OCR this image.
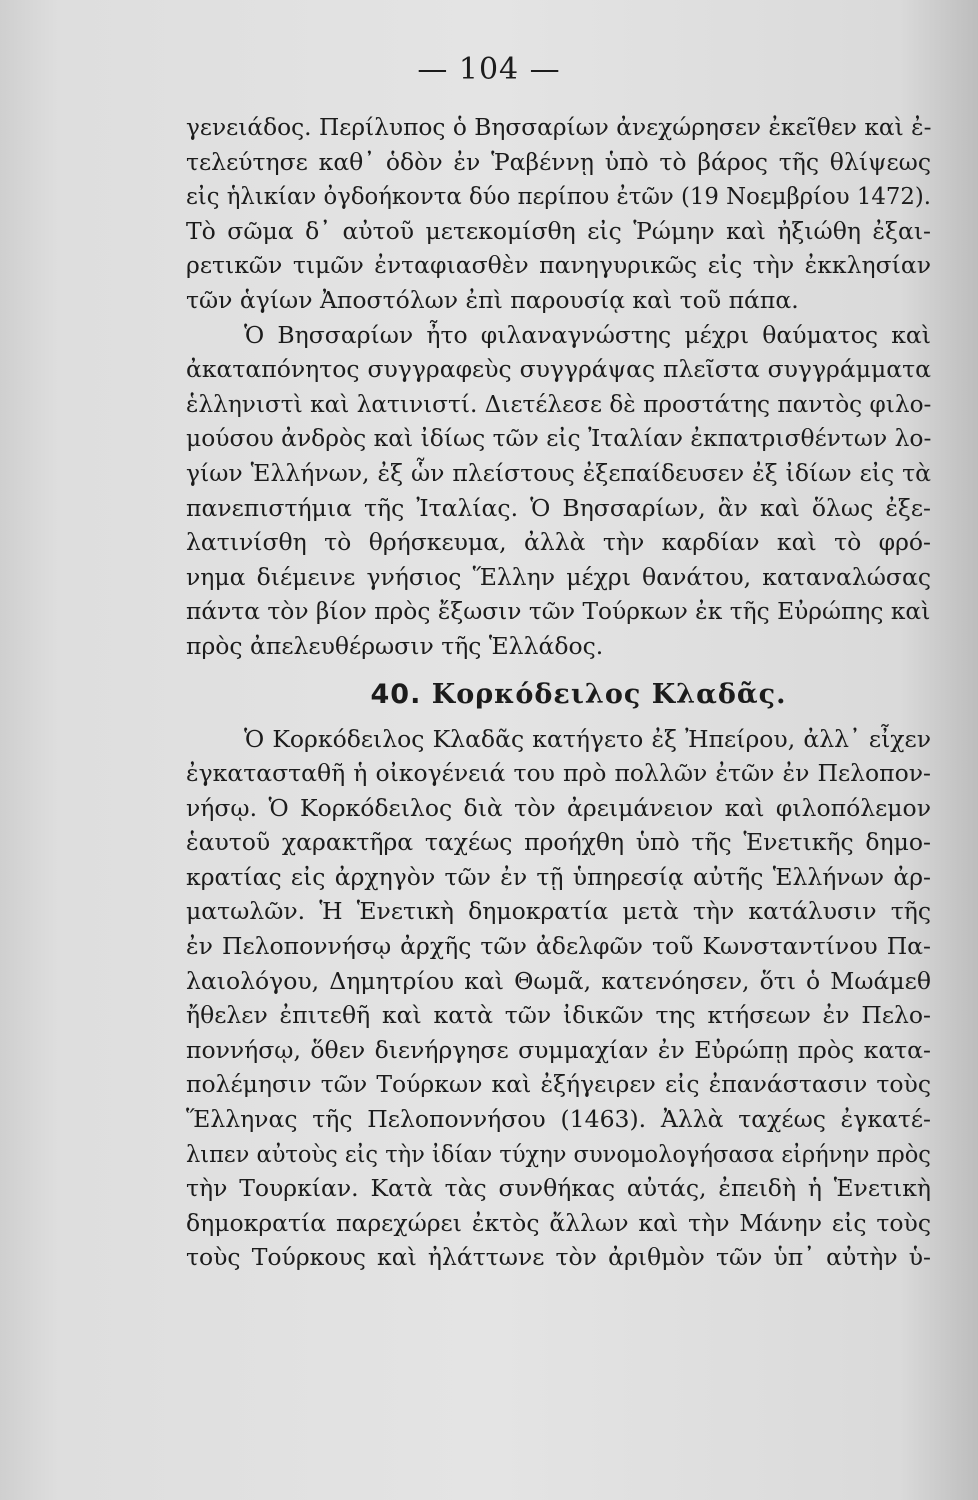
— 104 —
γενειάδος. Περίλυπος ὁ Βησσαρίων ἀνεχώρησεν ἐκεῖθεν καὶ ἐ-
τελεύτησε καθ᾿ ὁδὸν ἐν Ῥαβέννῃ ὑπὸ τὸ βάρος τῆς θλίψεως
εἰς ἡλικίαν ὀγδοήκοντα δύο περίπου ἐτῶν (19 Νοεμβρίου 1472).
Τὸ σῶμα δ᾿ αὐτοῦ μετεκομίσθη εἰς Ῥώμην καὶ ἠξιώθη ἐξαι-
ρετικῶν τιμῶν ἐνταφιασθὲν πανηγυρικῶς εἰς τὴν ἐκκλησίαν
τῶν ἁγίων Ἀποστόλων ἐπὶ παρουσίᾳ καὶ τοῦ πάπα.
Ὁ Βησσαρίων ἦτο φιλαναγνώστης μέχρι θαύματος καὶ
ἀκαταπόνητος συγγραφεὺς συγγράψας πλεῖστα συγγράμματα
ἑλληνιστὶ καὶ λατινιστί. Διετέλεσε δὲ προστάτης παντὸς φιλο-
μούσου ἀνδρὸς καὶ ἰδίως τῶν εἰς Ἰταλίαν ἐκπατρισθέντων λο-
γίων Ἑλλήνων, ἐξ ὧν πλείστους ἐξεπαίδευσεν ἐξ ἰδίων εἰς τὰ
πανεπιστήμια τῆς Ἰταλίας. Ὁ Βησσαρίων, ἂν καὶ ὅλως ἐξε-
λατινίσθη τὸ θρήσκευμα, ἀλλὰ τὴν καρδίαν καὶ τὸ φρό-
νημα διέμεινε γνήσιος Ἕλλην μέχρι θανάτου, καταναλώσας
πάντα τὸν βίον πρὸς ἔξωσιν τῶν Τούρκων ἐκ τῆς Εὐρώπης καὶ
πρὸς ἀπελευθέρωσιν τῆς Ἑλλάδος.
40. Κορκόδειλος Κλαδᾶς.
Ὁ Κορκόδειλος Κλαδᾶς κατήγετο ἐξ Ἠπείρου, ἀλλ᾿ εἶχεν
ἐγκατασταθῆ ἡ οἰκογένειά του πρὸ πολλῶν ἐτῶν ἐν Πελοπον-
νήσῳ. Ὁ Κορκόδειλος διὰ τὸν ἀρειμάνειον καὶ φιλοπόλεμον
ἑαυτοῦ χαρακτῆρα ταχέως προήχθη ὑπὸ τῆς Ἑνετικῆς δημο-
κρατίας εἰς ἀρχηγὸν τῶν ἐν τῇ ὑπηρεσίᾳ αὐτῆς Ἑλλήνων ἀρ-
ματωλῶν. Ἡ Ἑνετικὴ δημοκρατία μετὰ τὴν κατάλυσιν τῆς
ἐν Πελοποννήσῳ ἀρχῆς τῶν ἀδελφῶν τοῦ Κωνσταντίνου Πα-
λαιολόγου, Δημητρίου καὶ Θωμᾶ, κατενόησεν, ὅτι ὁ Μωάμεθ
ἤθελεν ἐπιτεθῆ καὶ κατὰ τῶν ἰδικῶν της κτήσεων ἐν Πελο-
ποννήσῳ, ὅθεν διενήργησε συμμαχίαν ἐν Εὐρώπῃ πρὸς κατα-
πολέμησιν τῶν Τούρκων καὶ ἐξήγειρεν εἰς ἐπανάστασιν τοὺς
Ἕλληνας τῆς Πελοποννήσου (1463). Ἀλλὰ ταχέως ἐγκατέ-
λιπεν αὐτοὺς εἰς τὴν ἰδίαν τύχην συνομολογήσασα εἰρήνην πρὸς
τὴν Τουρκίαν. Κατὰ τὰς συνθήκας αὐτάς, ἐπειδὴ ἡ Ἑνετικὴ
δημοκρατία παρεχώρει ἐκτὸς ἄλλων καὶ τὴν Μάνην εἰς τοὺς
τοὺς Τούρκους καὶ ἠλάττωνε τὸν ἀριθμὸν τῶν ὑπ᾿ αὐτὴν ὑ-
